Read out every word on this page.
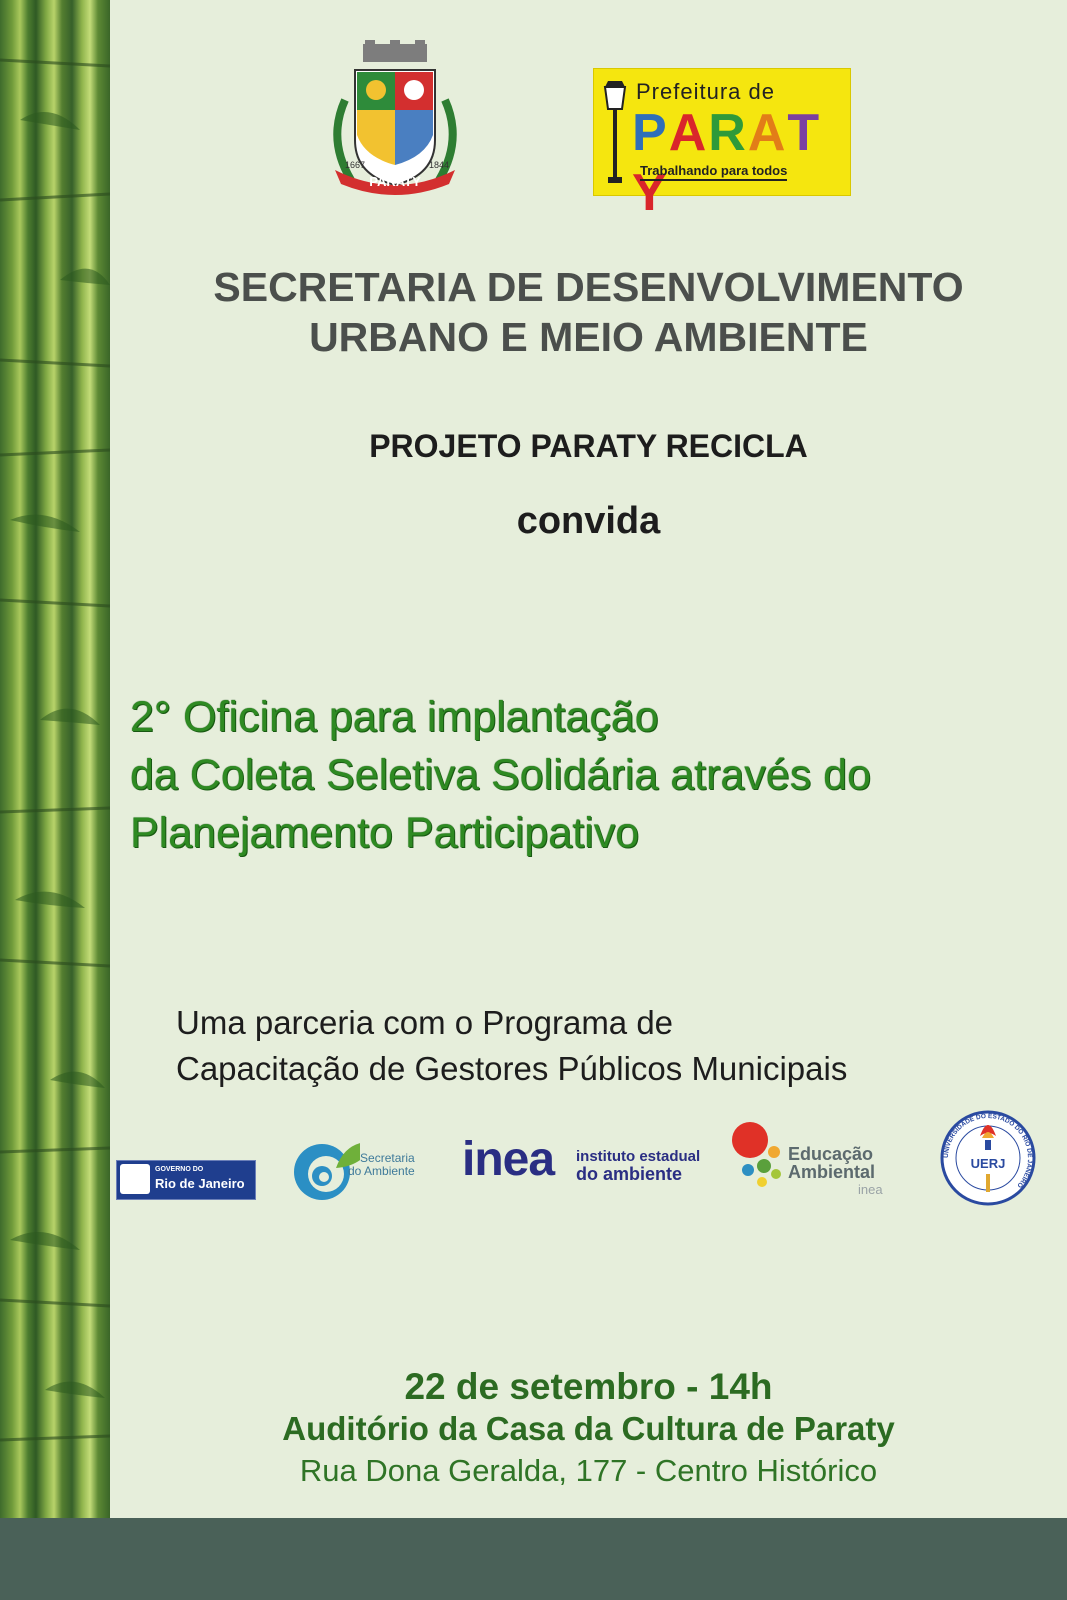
PARATY
1667	1844
Prefeitura de
PARATY
Trabalhando para todos
SECRETARIA DE DESENVOLVIMENTO
URBANO E MEIO AMBIENTE
PROJETO PARATY RECICLA
convida
2° Oficina para implantação
da Coleta Seletiva Solidária através do
Planejamento Participativo
Uma parceria com o Programa de
Capacitação de Gestores Públicos Municipais
GOVERNO DO
Rio de Janeiro
Secretaria
do Ambiente inea instituto estadual
do ambiente
Educação
Ambiental
inea
UERJ
UNIVERSIDADE DO ESTADO DO RIO DE JANEIRO
22 de setembro - 14h
Auditório da Casa da Cultura de Paraty
Rua Dona Geralda, 177 - Centro Histórico
